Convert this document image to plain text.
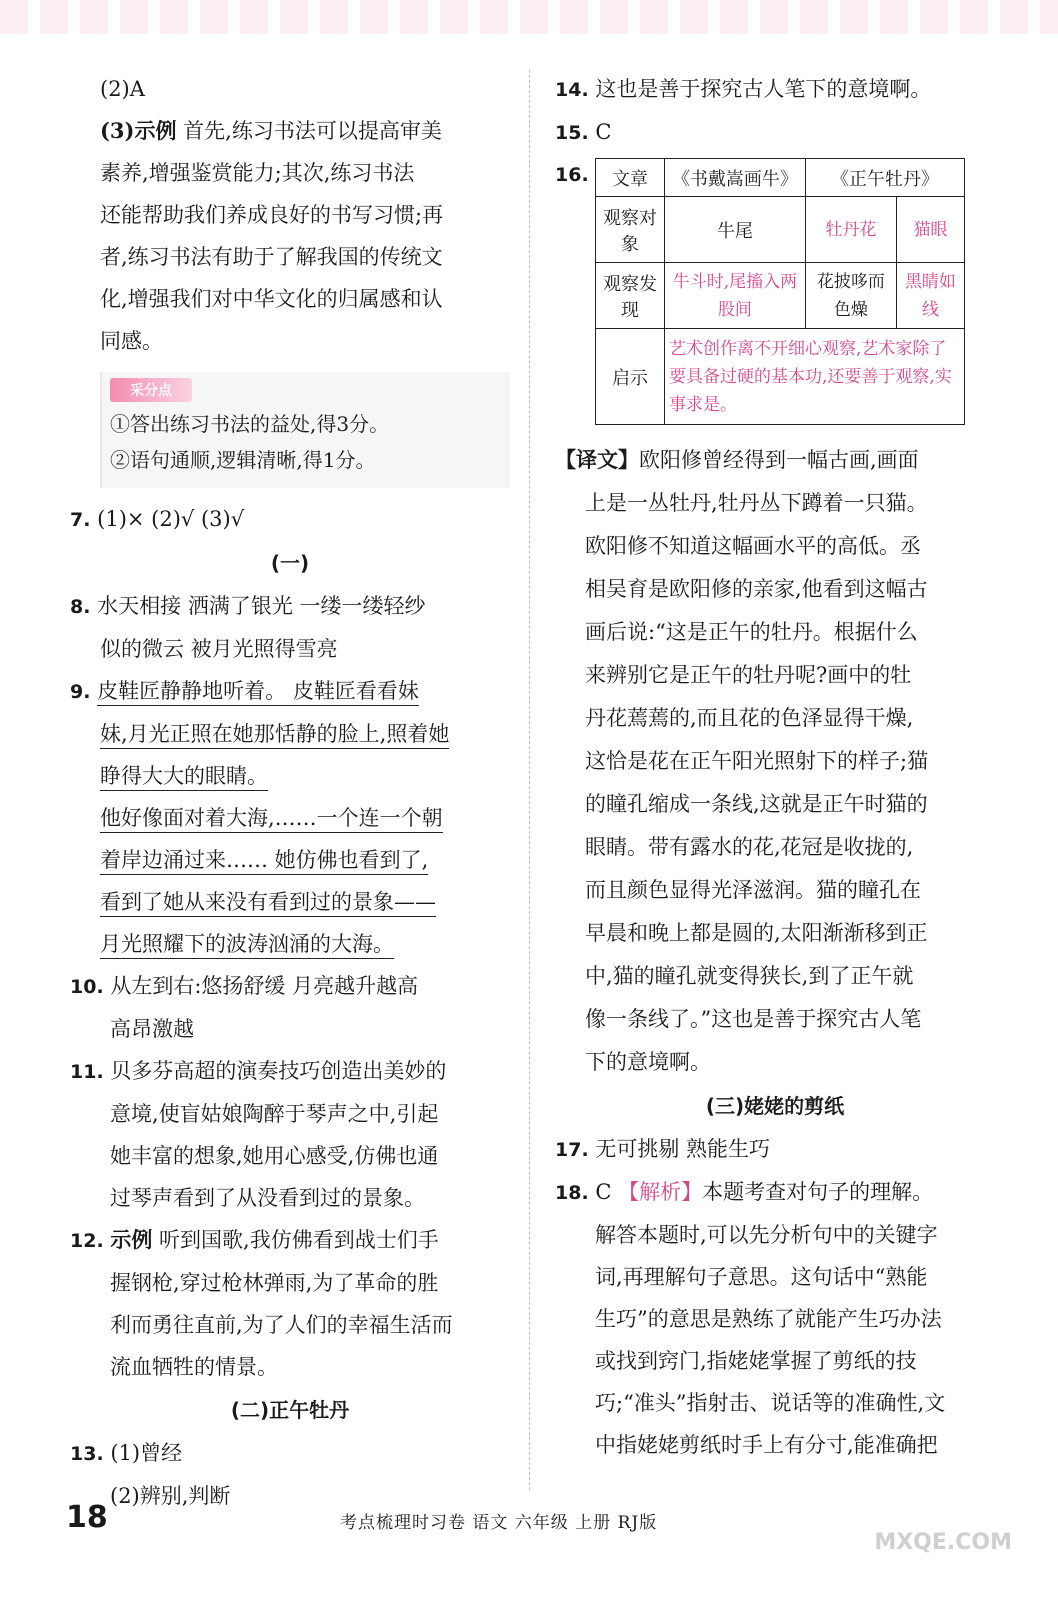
(2)A

(3)示例 首先,练习书法可以提高审美

素养,增强鉴赏能力;其次,练习书法

还能帮助我们养成良好的书写习惯;再

者,练习书法有助于了解我国的传统文

化,增强我们对中华文化的归属感和认

同感。

采分点
①答出练习书法的益处,得3分。
②语句通顺,逻辑清晰,得1分。

7. (1)× (2)√ (3)√

(一)

8. 水天相接 洒满了银光 一缕一缕轻纱

似的微云 被月光照得雪亮

9. 皮鞋匠静静地听着。 皮鞋匠看看妹

妹,月光正照在她那恬静的脸上,照着她

睁得大大的眼睛。

他好像面对着大海,……一个连一个朝

着岸边涌过来…… 她仿佛也看到了,

看到了她从来没有看到过的景象——

月光照耀下的波涛汹涌的大海。

10. 从左到右:悠扬舒缓 月亮越升越高

高昂激越

11. 贝多芬高超的演奏技巧创造出美妙的

意境,使盲姑娘陶醉于琴声之中,引起

她丰富的想象,她用心感受,仿佛也通

过琴声看到了从没看到过的景象。

12. 示例 听到国歌,我仿佛看到战士们手

握钢枪,穿过枪林弹雨,为了革命的胜

利而勇往直前,为了人们的幸福生活而

流血牺牲的情景。

(二)正午牡丹

13. (1)曾经

(2)辨别,判断

14. 这也是善于探究古人笔下的意境啊。

15. C

16. 文章	《书戴嵩画牛》	《正午牡丹》	
观察对象	牛尾	牡丹花	猫眼
观察发现	牛斗时,尾搐入两股间	花披哆而色燥	黑睛如线
启示	艺术创作离不开细心观察,艺术家除了要具备过硬的基本功,还要善于观察,实事求是。		

【译文】欧阳修曾经得到一幅古画,画面

上是一丛牡丹,牡丹丛下蹲着一只猫。

欧阳修不知道这幅画水平的高低。丞

相吴育是欧阳修的亲家,他看到这幅古

画后说:“这是正午的牡丹。根据什么

来辨别它是正午的牡丹呢?画中的牡

丹花蔫蔫的,而且花的色泽显得干燥,

这恰是花在正午阳光照射下的样子;猫

的瞳孔缩成一条线,这就是正午时猫的

眼睛。带有露水的花,花冠是收拢的,

而且颜色显得光泽滋润。猫的瞳孔在

早晨和晚上都是圆的,太阳渐渐移到正

中,猫的瞳孔就变得狭长,到了正午就

像一条线了。”这也是善于探究古人笔

下的意境啊。

(三)姥姥的剪纸

17. 无可挑剔 熟能生巧

18. C 【解析】本题考查对句子的理解。

解答本题时,可以先分析句中的关键字

词,再理解句子意思。这句话中“熟能

生巧”的意思是熟练了就能产生巧办法

或找到窍门,指姥姥掌握了剪纸的技

巧;“准头”指射击、说话等的准确性,文

中指姥姥剪纸时手上有分寸,能准确把

18	考点梳理时习卷 语文 六年级 上册 RJ版
MXQE.COM
